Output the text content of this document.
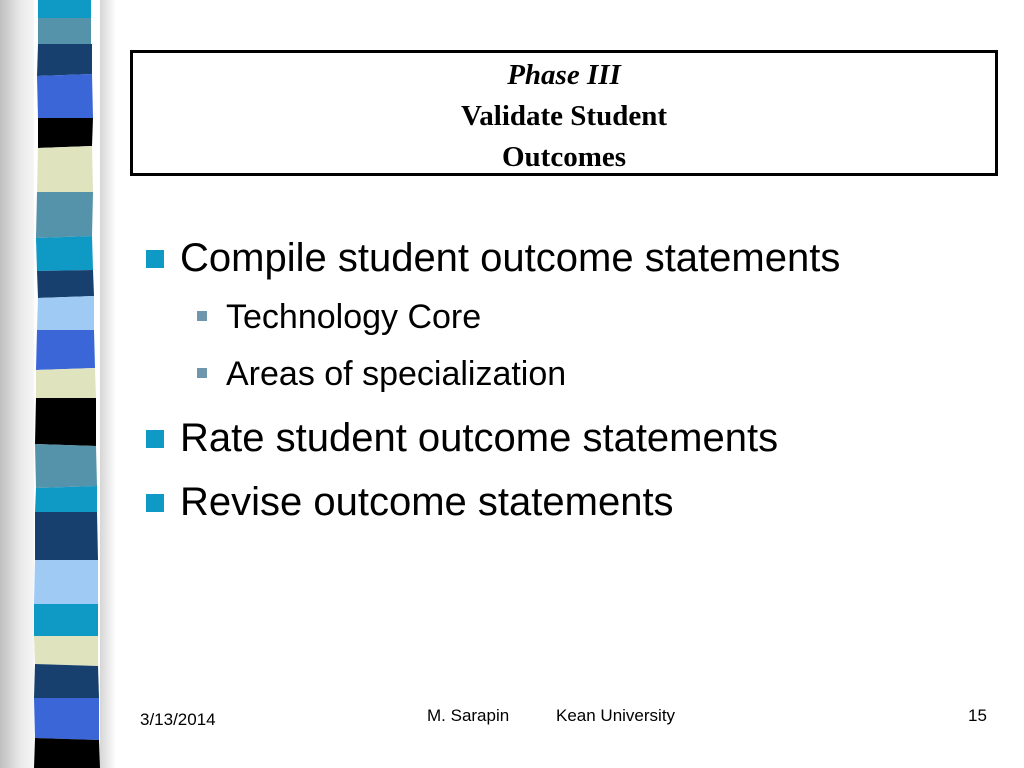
Phase III
Validate Student
Outcomes
Compile student outcome statements
Technology Core
Areas of specialization
Rate student outcome statements
Revise outcome statements
3/13/2014	M. Sarapin	Kean University	15
